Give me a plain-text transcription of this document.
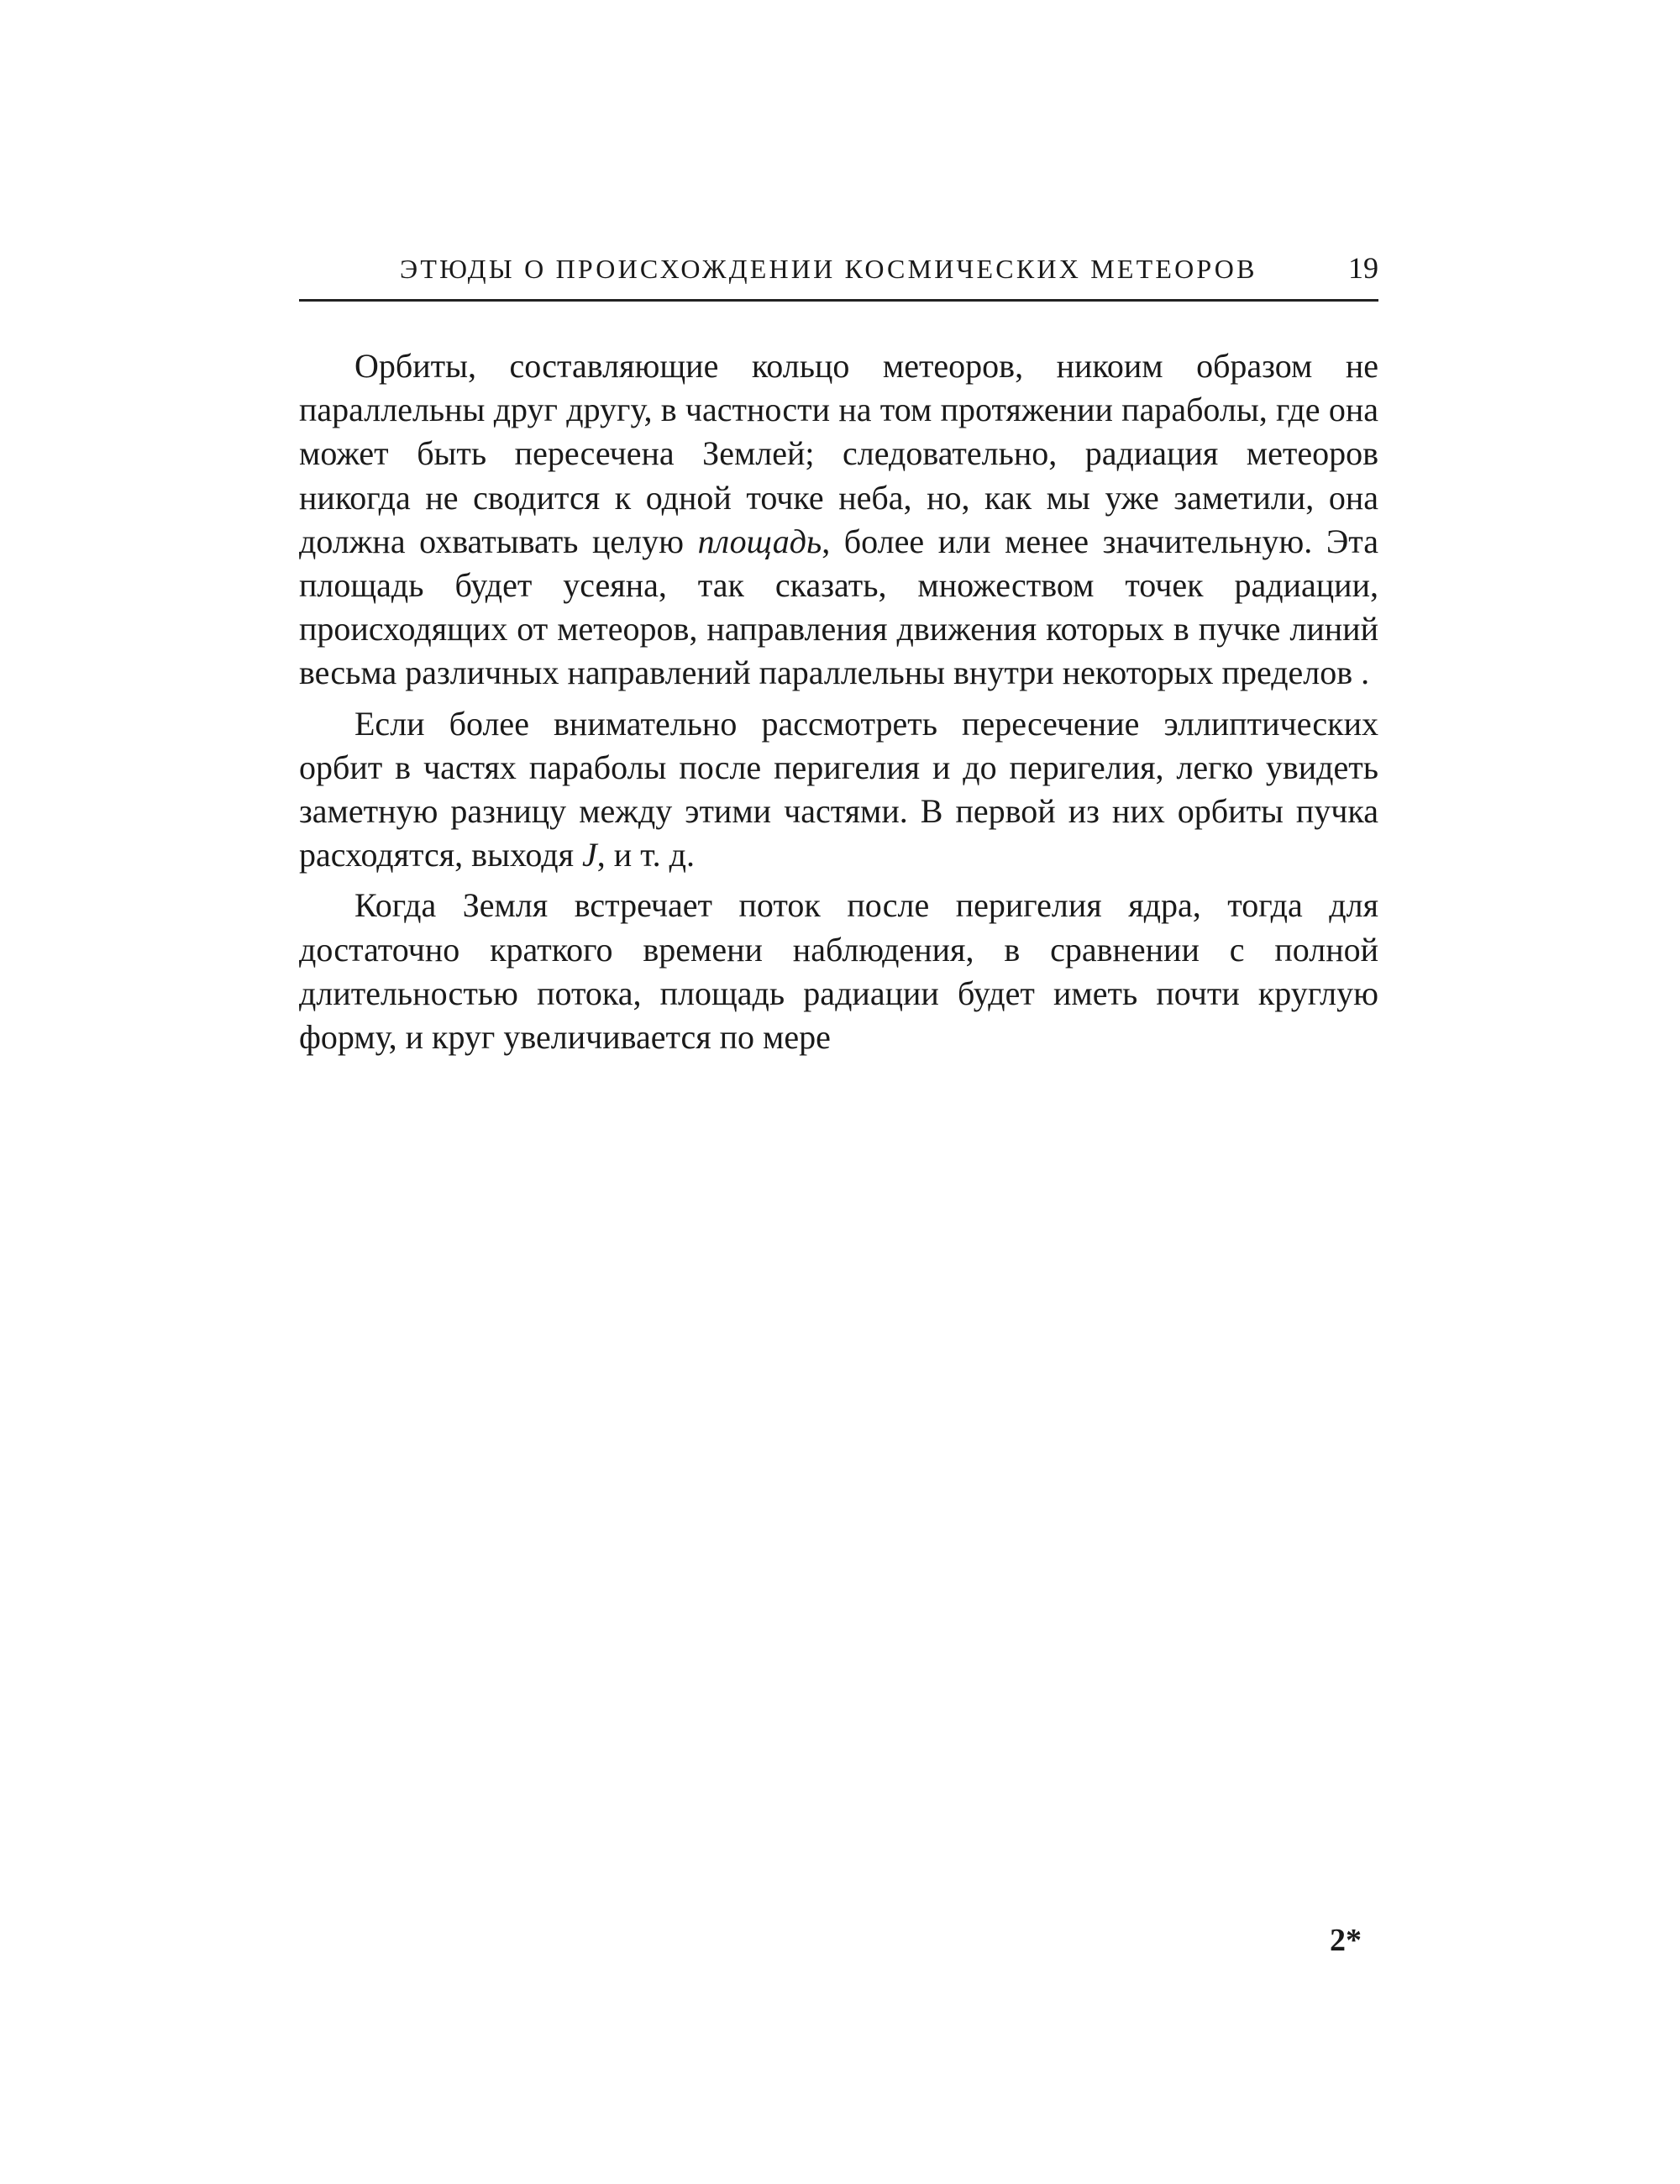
ЭТЮДЫ О ПРОИСХОЖДЕНИИ КОСМИЧЕСКИХ МЕТЕОРОВ	19

Орбиты, составляющие кольцо метеоров, никоим образом не параллельны друг другу, в частности на том протяжении параболы, где она может быть пересечена Землей; следовательно, радиация метеоров никогда не сводится к одной точке неба, но, как мы уже заметили, она должна охватывать целую площадь, более или менее значительную. Эта площадь будет усеяна, так сказать, множеством точек радиации, происходящих от метеоров, направления движения которых в пучке линий весьма различных направлений параллельны внутри некоторых пределов .

Если более внимательно рассмотреть пересечение эллиптических орбит в частях параболы после перигелия и до перигелия, легко увидеть заметную разницу между этими частями. В первой из них орбиты пучка расходятся, выходя J, и т. д.

Когда Земля встречает поток после перигелия ядра, тогда для достаточно краткого времени наблюдения, в сравнении с полной длительностью потока, площадь радиации будет иметь почти круглую форму, и круг увеличивается по мере

2*
